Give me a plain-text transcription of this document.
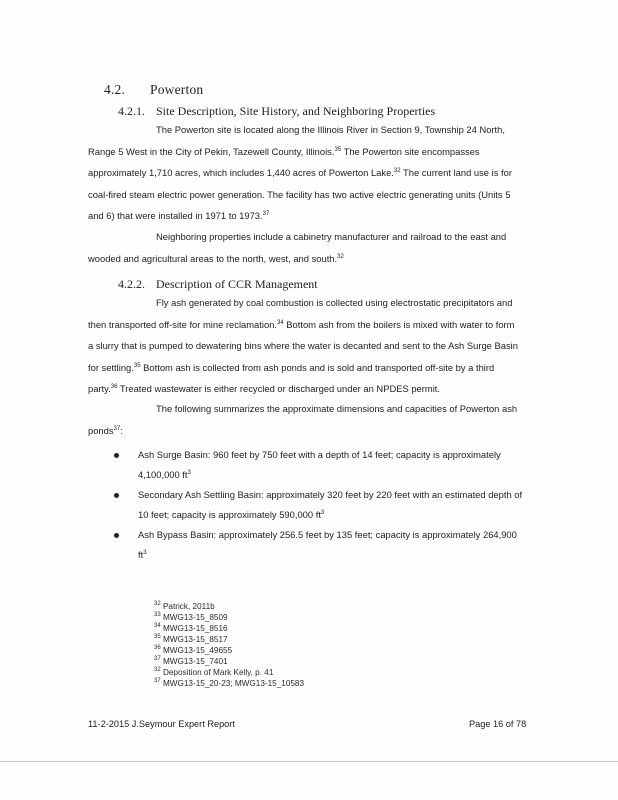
4.2. Powerton
4.2.1. Site Description, Site History, and Neighboring Properties

The Powerton site is located along the Illinois River in Section 9, Township 24 North, Range 5 West in the City of Pekin, Tazewell County, Illinois.$^{35}$ The Powerton site encompasses approximately 1,710 acres, which includes 1,440 acres of Powerton Lake.$^{32}$ The current land use is for coal-fired steam electric power generation. The facility has two active electric generating units (Units 5 and 6) that were installed in 1971 to 1973.37

Neighboring properties include a cabinetry manufacturer and railroad to the east and wooded and agricultural areas to the north, west, and south.$^{32}$

4.2.2. Description of CCR Management

Fly ash generated by coal combustion is collected using electrostatic precipitators and then transported off-site for mine reclamation.$^{34}$ Bottom ash from the boilers is mixed with water to form a slurry that is pumped to dewatering bins where the water is decanted and sent to the Ash Surge Basin for settling.$^{35}$ Bottom ash is collected from ash ponds and is sold and transported off-site by a third party.$^{36}$ Treated wastewater is either recycled or discharged under an NPDES permit.

The following summarizes the approximate dimensions and capacities of Powerton ash ponds$^{37}$:

Ash Surge Basin: 960 feet by 750 feet with a depth of 14 feet; capacity is approximately 4,100,000 $ft^3$
Secondary Ash Settling Basin: approximately 320 feet by 220 feet with an estimated depth of 10 feet; capacity is approximately 590,000 $ft^3$
Ash Bypass Basin: approximately 256.5 feet by 135 feet; capacity is approximately 264,900 $ft^3$
$^{32}$ Patrick, 2011b
$^{33}$ MWG13-15_8509
$^{34}$ MWG13-15_8516
$^{35}$ MWG13-15_8517
$^{36}$ MWG13-15_49655
$^{37}$ MWG13-15_7401
$^{32}$ Deposition of Mark Kelly, p. 41
$^{37}$ MWG13-15_20-23; MWG13-15_10583
11-2-2015 J.Seymour Expert Report	Page 16 of 78
